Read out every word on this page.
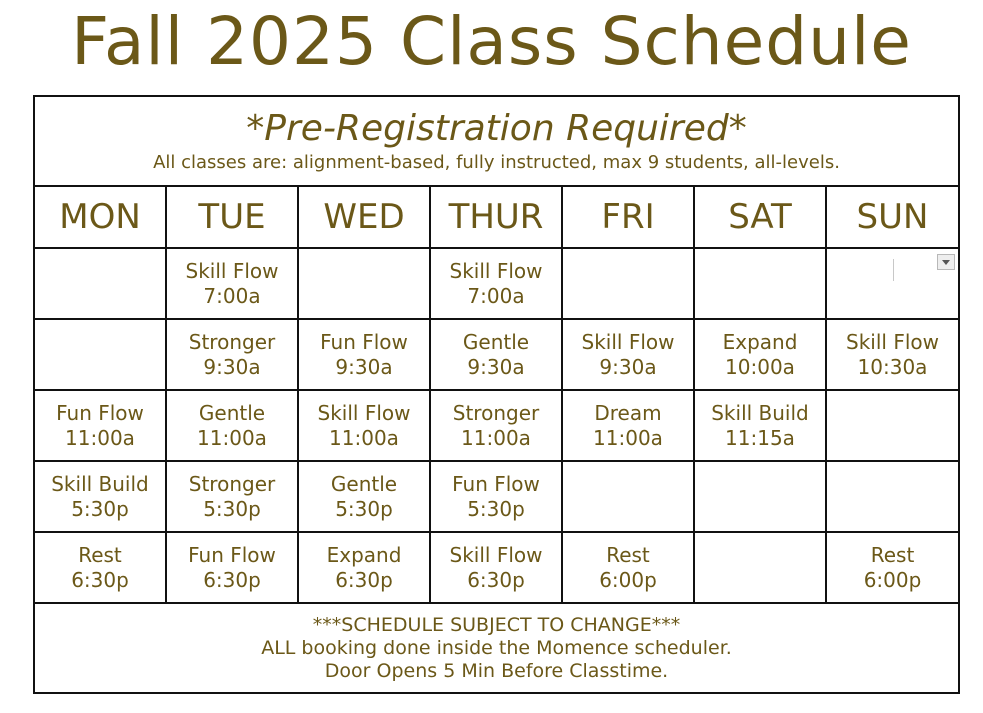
Fall 2025 Class Schedule
*Pre-Registration Required*
All classes are: alignment-based, fully instructed, max 9 students, all-levels.						

MON	TUE	WED	THUR	FRI	SAT	SUN

	Skill Flow
7:00a		Skill Flow
7:00a			

	Stronger
9:30a	Fun Flow
9:30a	Gentle
9:30a	Skill Flow
9:30a	Expand
10:00a	Skill Flow
10:30a

Fun Flow
11:00a	Gentle
11:00a	Skill Flow
11:00a	Stronger
11:00a	Dream
11:00a	Skill Build
11:15a	

Skill Build
5:30p	Stronger
5:30p	Gentle
5:30p	Fun Flow
5:30p			

Rest
6:30p	Fun Flow
6:30p	Expand
6:30p	Skill Flow
6:30p	Rest
6:00p		Rest
6:00p

***SCHEDULE SUBJECT TO CHANGE***
ALL booking done inside the Momence scheduler.
Door Opens 5 Min Before Classtime.						
